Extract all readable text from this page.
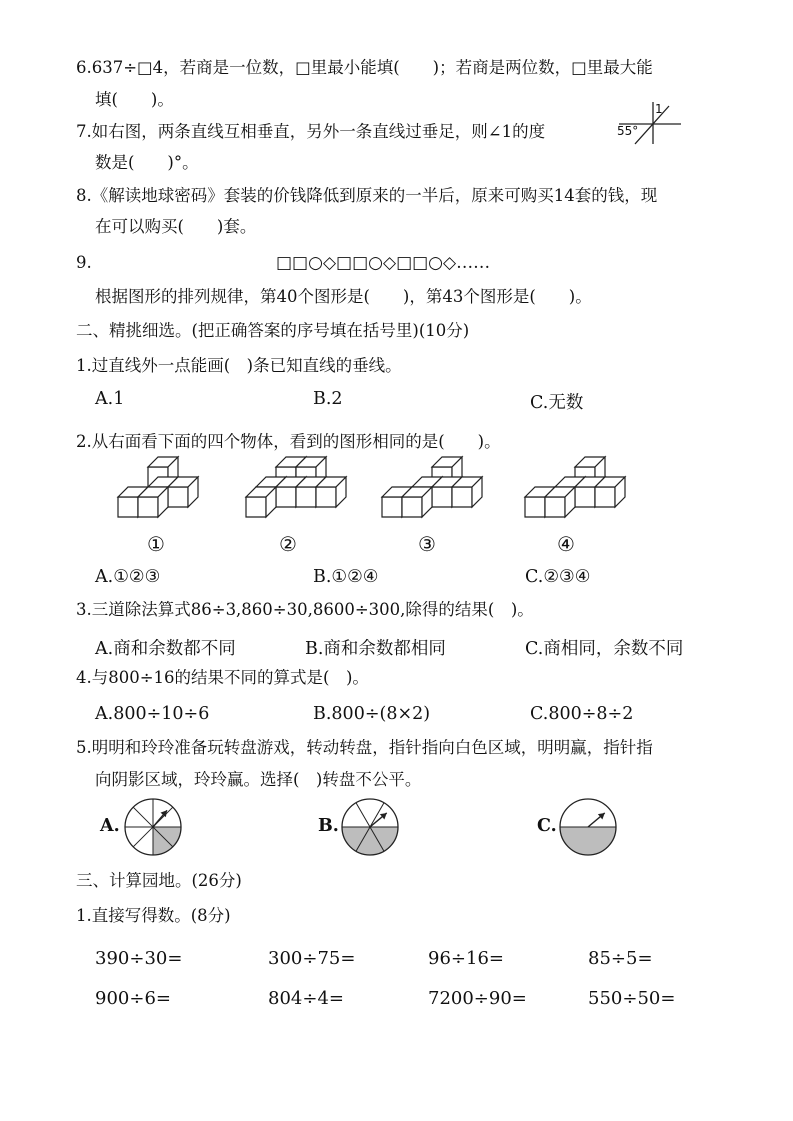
6.637÷□4，若商是一位数，□里最小能填(　　)；若商是两位数，□里最大能
填(　　)。
7.如右图，两条直线互相垂直，另外一条直线过垂足，则∠1的度
数是(　　)°。
55°
1
8.《解读地球密码》套装的价钱降低到原来的一半后，原来可购买14套的钱，现
在可以购买(　　)套。
9.	□□○◇□□○◇□□○◇……
根据图形的排列规律，第40个图形是(　　)，第43个图形是(　　)。
二、精挑细选。(把正确答案的序号填在括号里)(10分)
1.过直线外一点能画(　)条已知直线的垂线。
A.1	B.2	C.无数
2.从右面看下面的四个物体，看到的图形相同的是(　　)。
①	②	③	④
A.①②③	B.①②④	C.②③④
3.三道除法算式86÷3,860÷30,8600÷300,除得的结果(　)。
A.商和余数都不同	B.商和余数都相同	C.商相同，余数不同
4.与800÷16的结果不同的算式是(　)。
A.800÷10÷6	B.800÷(8×2)	C.800÷8÷2
5.明明和玲玲准备玩转盘游戏，转动转盘，指针指向白色区域，明明赢，指针指
向阴影区域，玲玲赢。选择(　)转盘不公平。
A.	B.	C.
三、计算园地。(26分)
1.直接写得数。(8分)
390÷30=	300÷75=	96÷16=	85÷5=
900÷6=	804÷4=	7200÷90=	550÷50=
